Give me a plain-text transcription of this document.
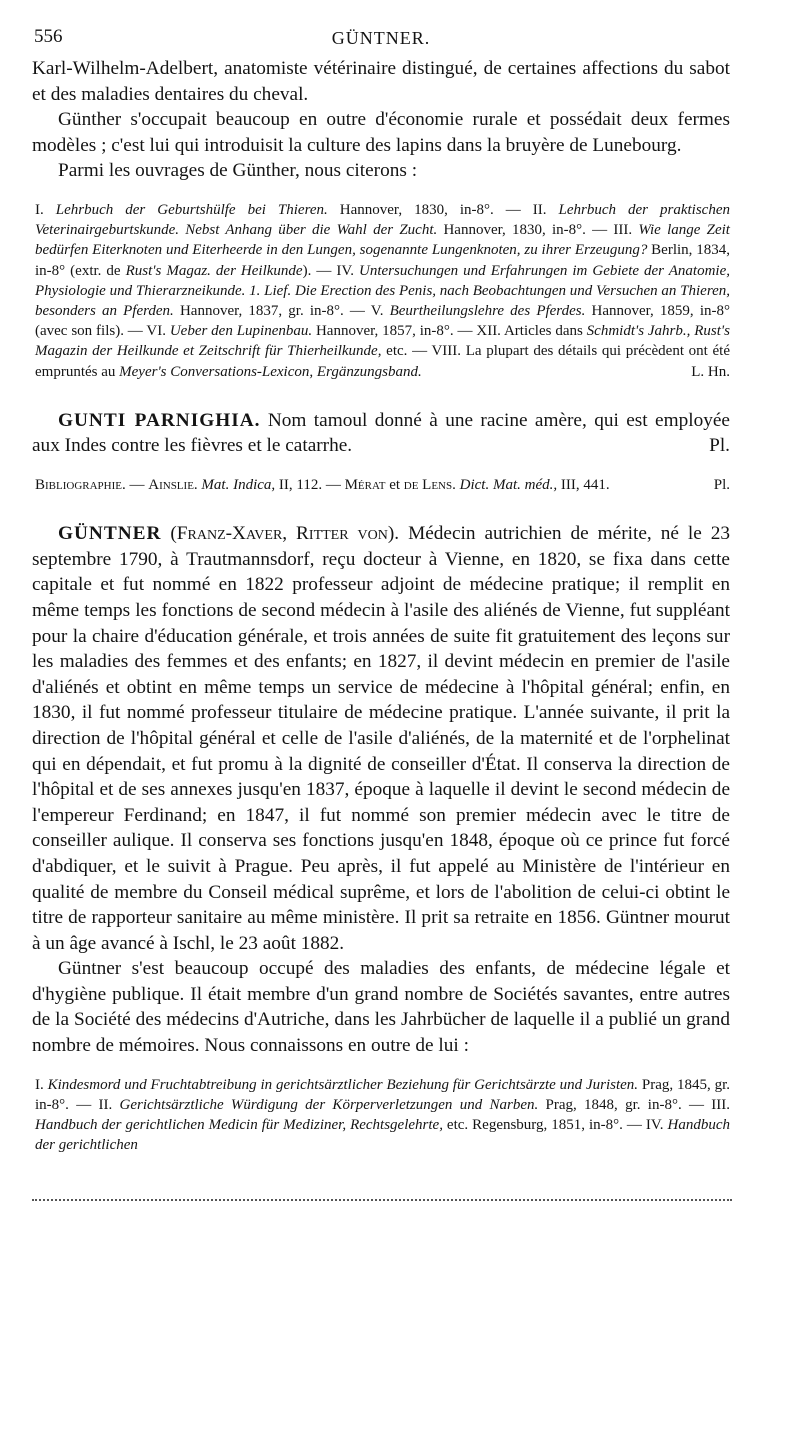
556	GÜNTNER.

Karl-Wilhelm-Adelbert, anatomiste vétérinaire distingué, de certaines affections du sabot et des maladies dentaires du cheval.

Günther s'occupait beaucoup en outre d'économie rurale et possédait deux fermes modèles ; c'est lui qui introduisit la culture des lapins dans la bruyère de Lunebourg.

Parmi les ouvrages de Günther, nous citerons :

I. Lehrbuch der Geburtshülfe bei Thieren. Hannover, 1830, in-8°. — II. Lehrbuch der praktischen Veterinairgeburtskunde. Nebst Anhang über die Wahl der Zucht. Hannover, 1830, in-8°. — III. Wie lange Zeit bedürfen Eiterknoten und Eiterheerde in den Lungen, sogenannte Lungenknoten, zu ihrer Erzeugung? Berlin, 1834, in-8° (extr. de Rust's Magaz. der Heilkunde). — IV. Untersuchungen und Erfahrungen im Gebiete der Anatomie, Physiologie und Thierarzneikunde. 1. Lief. Die Erection des Penis, nach Beobachtungen und Versuchen an Thieren, besonders an Pferden. Hannover, 1837, gr. in-8°. — V. Beurtheilungslehre des Pferdes. Hannover, 1859, in-8° (avec son fils). — VI. Ueber den Lupinenbau. Hannover, 1857, in-8°. — XII. Articles dans Schmidt's Jahrb., Rust's Magazin der Heilkunde et Zeitschrift für Thierheilkunde, etc. — VIII. La plupart des détails qui précèdent ont été empruntés au Meyer's Conversations-Lexicon, Ergänzungsband.	L. Hn.

GUNTI PARNIGHIA. Nom tamoul donné à une racine amère, qui est employée aux Indes contre les fièvres et le catarrhe.	Pl.

Bibliographie. — Ainslie. Mat. Indica, II, 112. — Mérat et de Lens. Dict. Mat. méd., III, 441.	Pl.

GÜNTNER (Franz-Xaver, Ritter von). Médecin autrichien de mérite, né le 23 septembre 1790, à Trautmannsdorf, reçu docteur à Vienne, en 1820, se fixa dans cette capitale et fut nommé en 1822 professeur adjoint de médecine pratique; il remplit en même temps les fonctions de second médecin à l'asile des aliénés de Vienne, fut suppléant pour la chaire d'éducation générale, et trois années de suite fit gratuitement des leçons sur les maladies des femmes et des enfants; en 1827, il devint médecin en premier de l'asile d'aliénés et obtint en même temps un service de médecine à l'hôpital général; enfin, en 1830, il fut nommé professeur titulaire de médecine pratique. L'année suivante, il prit la direction de l'hôpital général et celle de l'asile d'aliénés, de la maternité et de l'orphelinat qui en dépendait, et fut promu à la dignité de conseiller d'État. Il conserva la direction de l'hôpital et de ses annexes jusqu'en 1837, époque à laquelle il devint le second médecin de l'empereur Ferdinand; en 1847, il fut nommé son premier médecin avec le titre de conseiller aulique. Il conserva ses fonctions jusqu'en 1848, époque où ce prince fut forcé d'abdiquer, et le suivit à Prague. Peu après, il fut appelé au Ministère de l'intérieur en qualité de membre du Conseil médical suprême, et lors de l'abolition de celui-ci obtint le titre de rapporteur sanitaire au même ministère. Il prit sa retraite en 1856. Güntner mourut à un âge avancé à Ischl, le 23 août 1882.

Güntner s'est beaucoup occupé des maladies des enfants, de médecine légale et d'hygiène publique. Il était membre d'un grand nombre de Sociétés savantes, entre autres de la Société des médecins d'Autriche, dans les Jahrbücher de laquelle il a publié un grand nombre de mémoires. Nous connaissons en outre de lui :

I. Kindesmord und Fruchtabtreibung in gerichtsärztlicher Beziehung für Gerichtsärzte und Juristen. Prag, 1845, gr. in-8°. — II. Gerichtsärztliche Würdigung der Körperverletzungen und Narben. Prag, 1848, gr. in-8°. — III. Handbuch der gerichtlichen Medicin für Mediziner, Rechtsgelehrte, etc. Regensburg, 1851, in-8°. — IV. Handbuch der gerichtlichen
